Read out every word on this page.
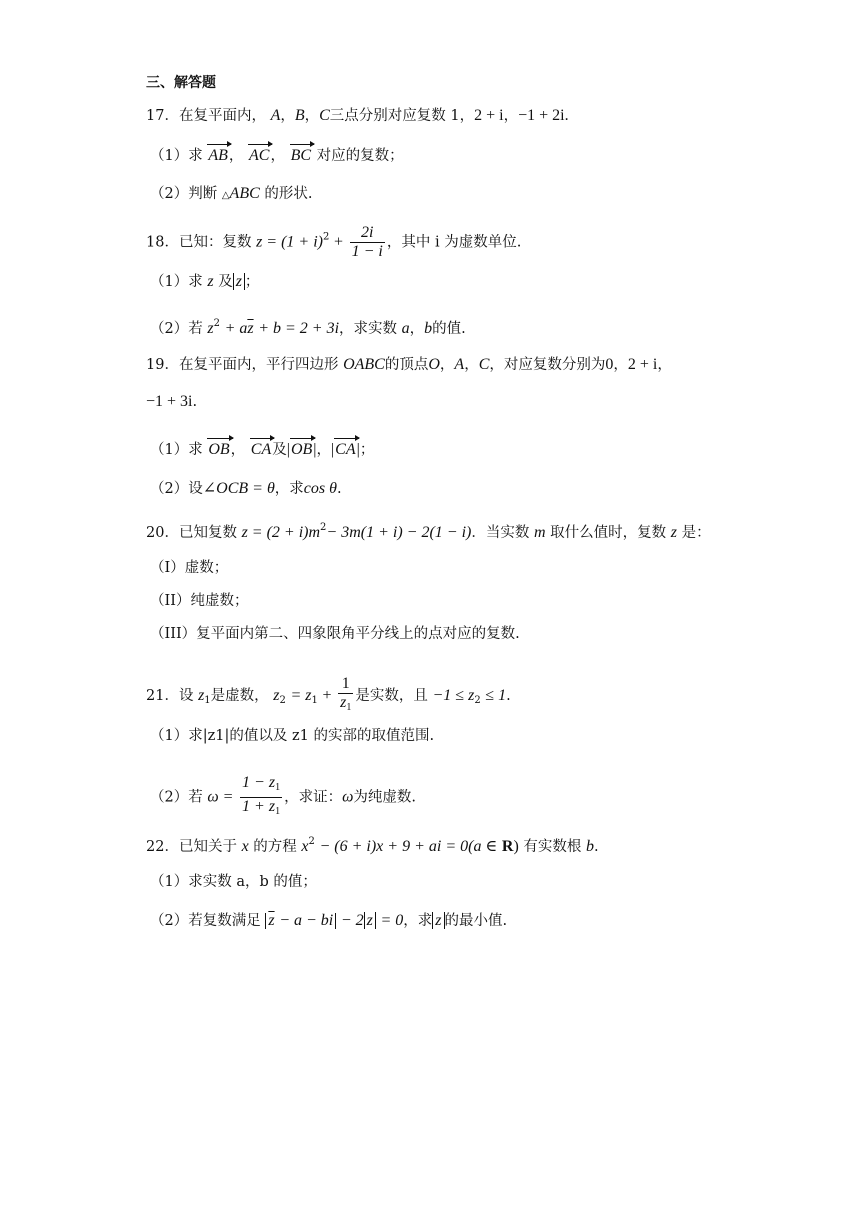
三、解答题
17．在复平面内， A，B，C三点分别对应复数 1，2 + i，−1 + 2i.
（1）求 AB， AC， BC 对应的复数；
（2）判断 △ABC 的形状.
18．已知：复数 $z = (1 + i)^2 + \frac{2i}{1 - i}$ ，其中 i 为虚数单位.
（1）求 z 及 z ；
（2）若 $z^2 + a\overline{z} + b = 2 + 3i$，求实数 a，b的值.
19．在复平面内，平行四边形 OABC的顶点O，A，C，对应复数分别为0，2 + i，
−1 + 3i.
（1）求 OB， CA及|OB|，|CA|；
（2）设∠OCB = θ，求cos θ.
20．已知复数 $z = (2 + i)m^2- 3m(1 + i) - 2(1 - i)$．当实数 m 取什么值时，复数 z 是：
（I）虚数；
（II）纯虚数；
（III）复平面内第二、四象限角平分线上的点对应的复数.
21．设 $z_1$是虚数， $z_2 = z_1 + \frac{1}{z_1}$ 是实数，且 $-1 \le z_2 \le 1$.
（1）求|z1|的值以及 z1 的实部的取值范围.
（2）若 $\omega = \frac{1 - z_1}{1 + z_1}$ ，求证：ω为纯虚数.
22．已知关于 x 的方程 $x^2 - (6 + i)x + 9$ + ai = 0(a ∈ R) 有实数根 b.
（1）求实数 a，b 的值；
（2）若复数满足 $\overline{z} - a$ − bi − 2 z = 0，求 z 的最小值.
